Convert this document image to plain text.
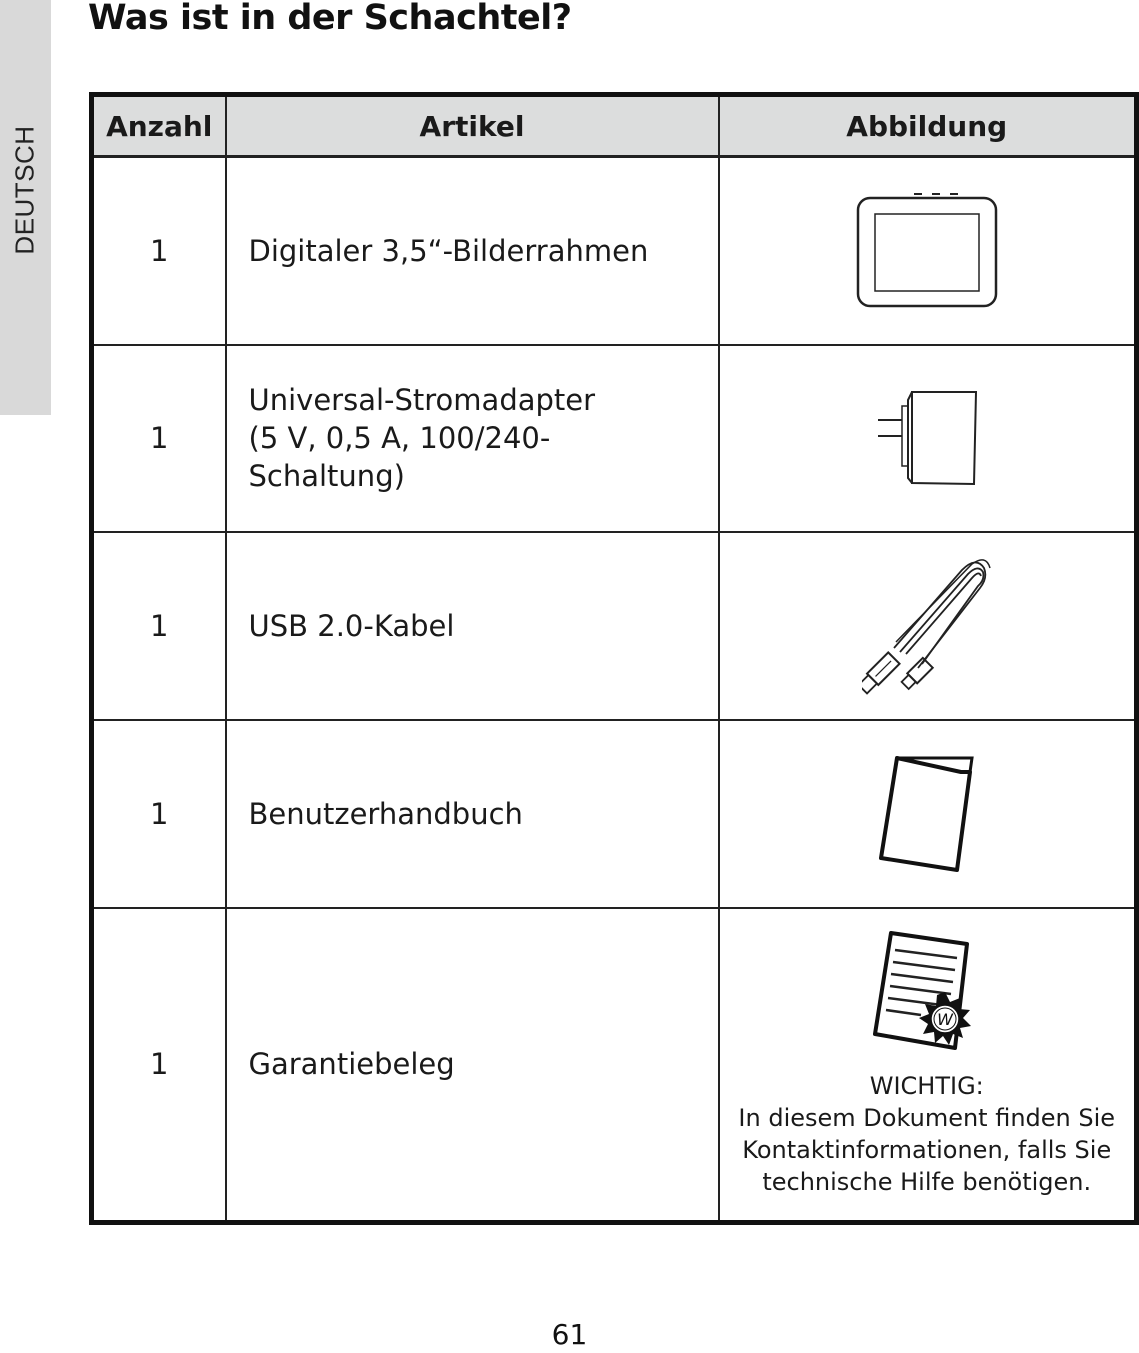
DEUTSCH
Was ist in der Schachtel?
Anzahl	Artikel	Abbildung
1	Digitaler 3,5“-Bilderrahmen

1	Universal-Stromadapter
(5 V, 0,5 A, 100/240-
Schaltung)

1	USB 2.0-Kabel

1	Benutzerhandbuch

1	Garantiebeleg	W
WICHTIG:
In diesem Dokument finden Sie
Kontaktinformationen, falls Sie
technische Hilfe benötigen.
61
